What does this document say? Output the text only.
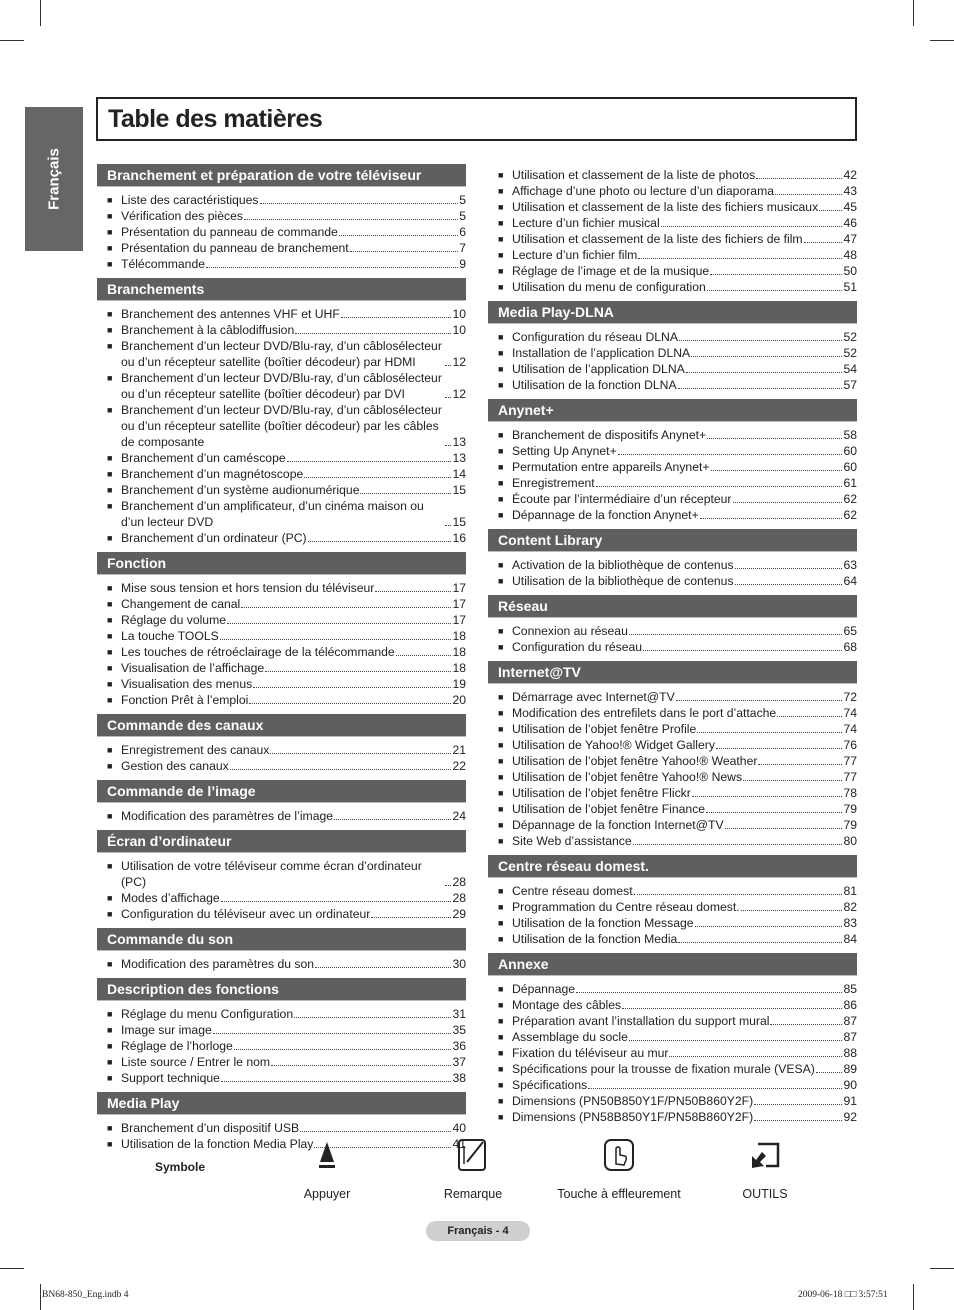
Français
Table des matières
Branchement et préparation de votre téléviseur
■ Liste des caractéristiques	5
■ Vérification des pièces	5
■ Présentation du panneau de commande	6
■ Présentation du panneau de branchement	7
■ Télécommande	9
Branchements
■ Branchement des antennes VHF et UHF	10
■ Branchement à la câblodiffusion	10
■ Branchement d’un lecteur DVD/Blu-ray, d’un câblosélecteur ou d’un récepteur satellite (boîtier décodeur) par HDMI	12
■ Branchement d’un lecteur DVD/Blu-ray, d’un câblosélecteur ou d’un récepteur satellite (boîtier décodeur) par DVI	12
■ Branchement d’un lecteur DVD/Blu-ray, d’un câblosélecteur ou d’un récepteur satellite (boîtier décodeur) par les câbles de composante	13
■ Branchement d’un caméscope	13
■ Branchement d’un magnétoscope	14
■ Branchement d’un système audionumérique	15
■ Branchement d’un amplificateur, d’un cinéma maison ou d’un lecteur DVD	15
■ Branchement d’un ordinateur (PC)	16
Fonction
■ Mise sous tension et hors tension du téléviseur	17
■ Changement de canal	17
■ Réglage du volume	17
■ La touche TOOLS	18
■ Les touches de rétroéclairage de la télécommande	18
■ Visualisation de l’affichage	18
■ Visualisation des menus	19
■ Fonction Prêt à l’emploi	20
Commande des canaux
■ Enregistrement des canaux	21
■ Gestion des canaux	22
Commande de l’image
■ Modification des paramètres de l’image	24
Écran d’ordinateur
■ Utilisation de votre téléviseur comme écran d’ordinateur (PC)	28
■ Modes d’affichage	28
■ Configuration du téléviseur avec un ordinateur	29
Commande du son
■ Modification des paramètres du son	30
Description des fonctions
■ Réglage du menu Configuration	31
■ Image sur image	35
■ Réglage de l’horloge	36
■ Liste source / Entrer le nom	37
■ Support technique	38
Media Play
■ Branchement d’un dispositif USB	40
■ Utilisation de la fonction Media Play	41
■ Utilisation et classement de la liste de photos	42
■ Affichage d’une photo ou lecture d’un diaporama	43
■ Utilisation et classement de la liste des fichiers musicaux 45
■ Lecture d’un fichier musical	46
■ Utilisation et classement de la liste des fichiers de film	47
■ Lecture d’un fichier film	48
■ Réglage de l’image et de la musique	50
■ Utilisation du menu de configuration	51
Media Play-DLNA
■ Configuration du réseau DLNA	52
■ Installation de l’application DLNA	52
■ Utilisation de l’application DLNA	54
■ Utilisation de la fonction DLNA	57
Anynet+
■ Branchement de dispositifs Anynet+	58
■ Setting Up Anynet+	60
■ Permutation entre appareils Anynet+	60
■ Enregistrement	61
■ Écoute par l’intermédiaire d’un récepteur	62
■ Dépannage de la fonction Anynet+	62
Content Library
■ Activation de la bibliothèque de contenus	63
■ Utilisation de la bibliothèque de contenus	64
Réseau
■ Connexion au réseau	65
■ Configuration du réseau	68
Internet@TV
■ Démarrage avec Internet@TV	72
■ Modification des entrefilets dans le port d’attache	74
■ Utilisation de l’objet fenêtre Profile	74
■ Utilisation de Yahoo!® Widget Gallery	76
■ Utilisation de l’objet fenêtre Yahoo!® Weather	77
■ Utilisation de l’objet fenêtre Yahoo!® News	77
■ Utilisation de l’objet fenêtre Flickr	78
■ Utilisation de l’objet fenêtre Finance	79
■ Dépannage de la fonction Internet@TV	79
■ Site Web d’assistance	80
Centre réseau domest.
■ Centre réseau domest.	81
■ Programmation du Centre réseau domest.	82
■ Utilisation de la fonction Message	83
■ Utilisation de la fonction Media	84
Annexe
■ Dépannage	85
■ Montage des câbles	86
■ Préparation avant l’installation du support mural	87
■ Assemblage du socle	87
■ Fixation du téléviseur au mur	88
■ Spécifications pour la trousse de fixation murale (VESA) 89
■ Spécifications	90
■ Dimensions (PN50B850Y1F/PN50B860Y2F)	91
■ Dimensions (PN58B850Y1F/PN58B860Y2F)	92
Symbole
Appuyer	Remarque	Touche à effleurement	OUTILS
Français - 4
BN68-850_Eng.indb 4	2009-06-18 □□ 3:57:51
